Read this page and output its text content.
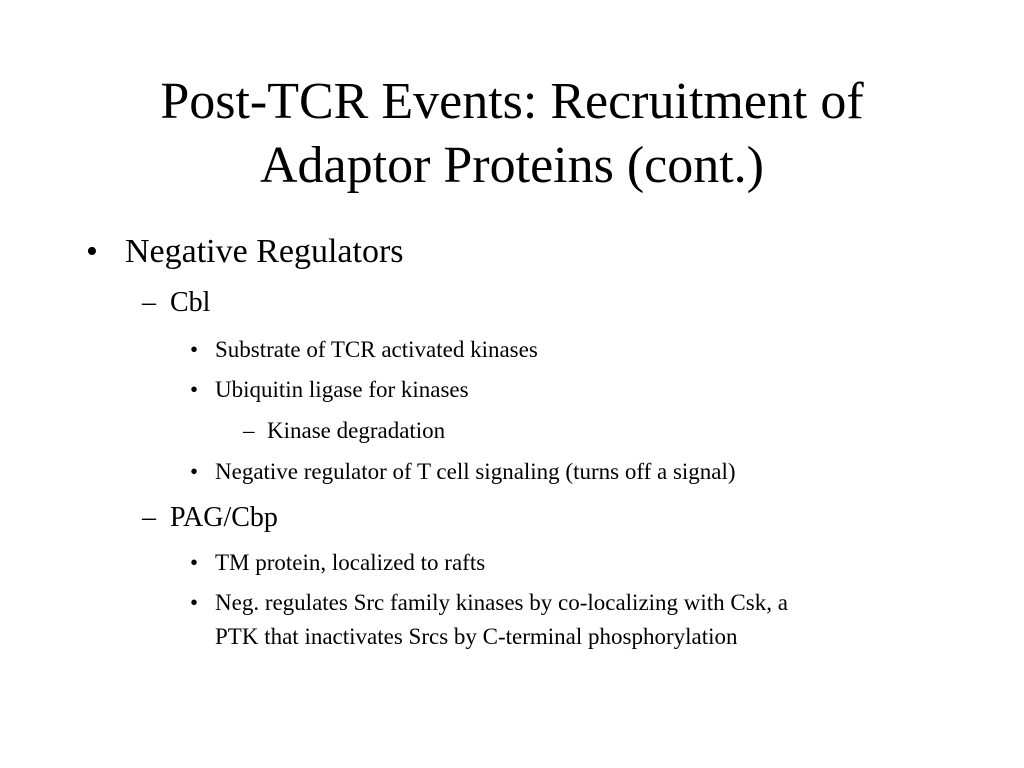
Post-TCR Events: Recruitment of
Adaptor Proteins (cont.)
• Negative Regulators
– Cbl
• Substrate of TCR activated kinases
• Ubiquitin ligase for kinases
– Kinase degradation
• Negative regulator of T cell signaling (turns off a signal)
– PAG/Cbp
• TM protein, localized to rafts
• Neg. regulates Src family kinases by co-localizing with Csk, a
PTK that inactivates Srcs by C-terminal phosphorylation
